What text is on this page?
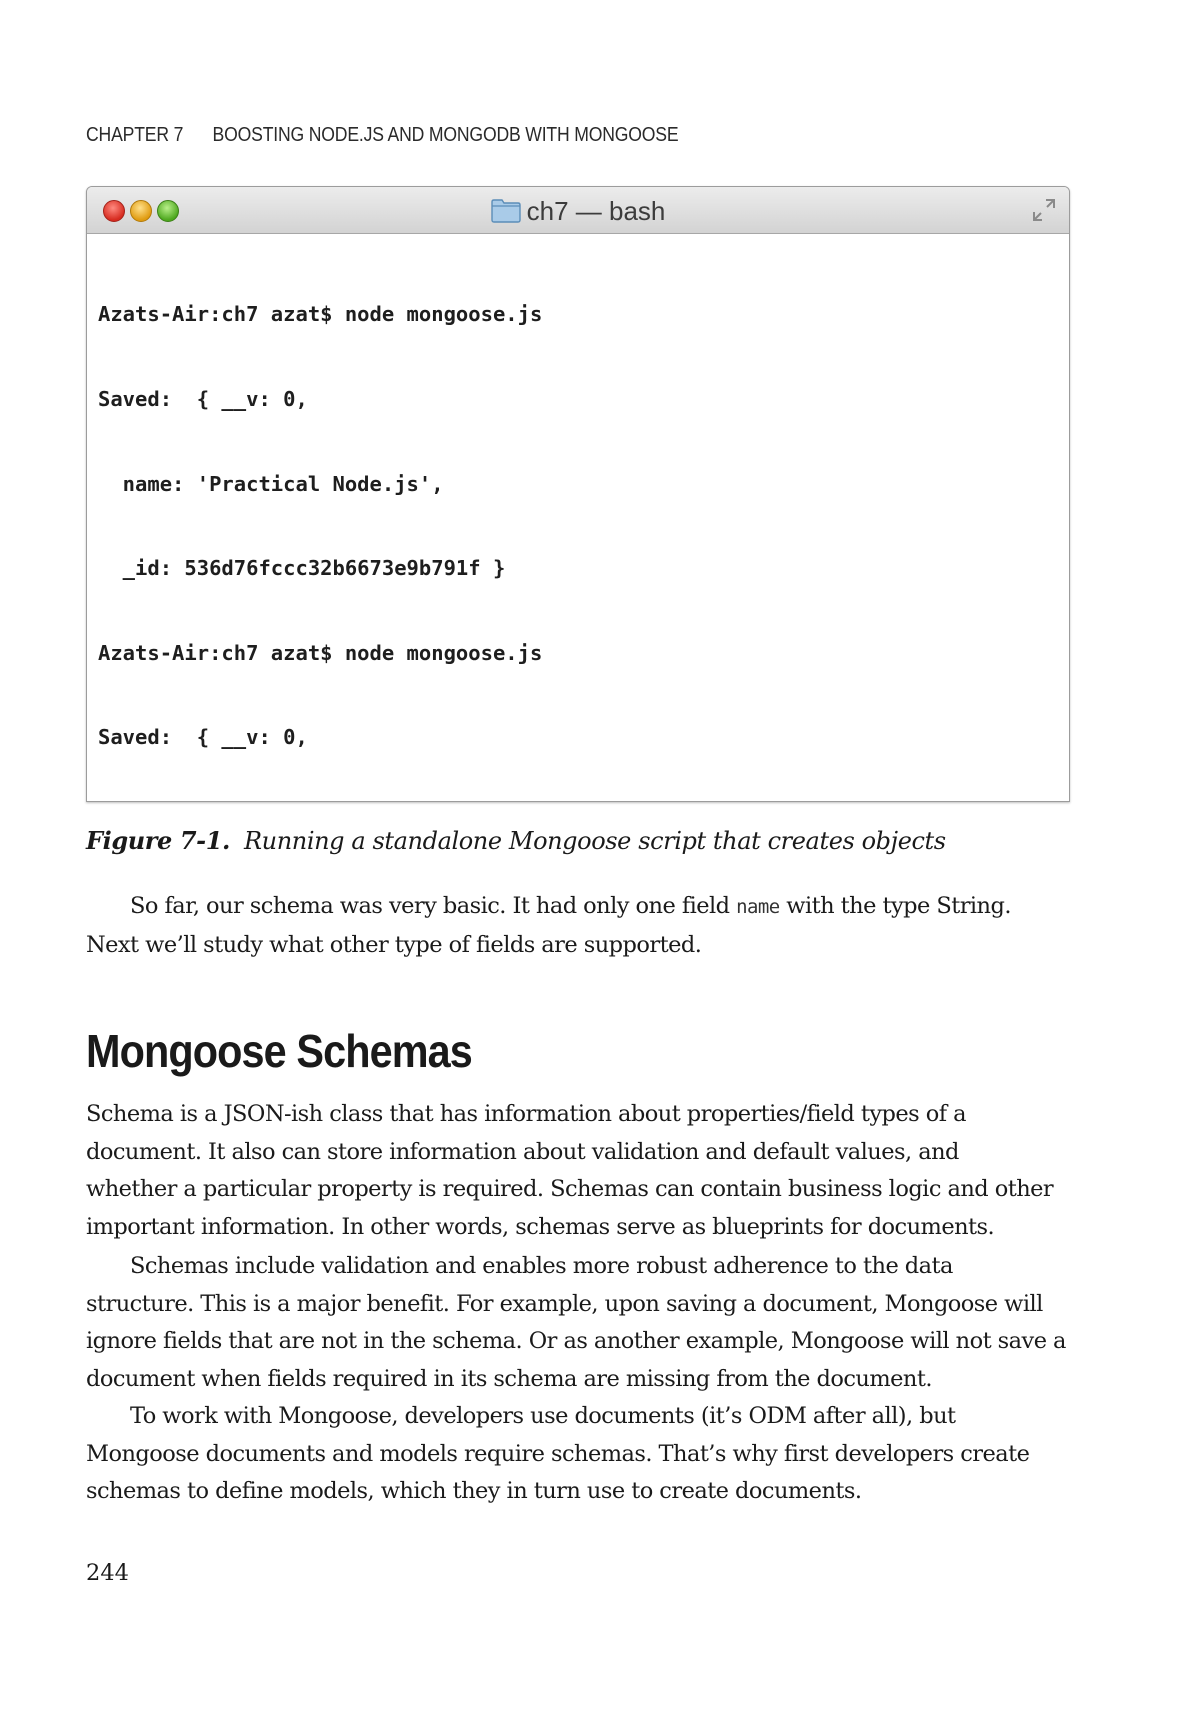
CHAPTER 7 BOOSTING NODE.JS AND MONGODB WITH MONGOOSE
ch7 — bash

Azats-Air:ch7 azat$ node mongoose.js

Saved:  { __v: 0,

name: 'Practical Node.js',

_id: 536d76fccc32b6673e9b791f }

Azats-Air:ch7 azat$ node mongoose.js

Saved:  { __v: 0,

Figure 7-1. Running a standalone Mongoose script that creates objects
So far, our schema was very basic. It had only one field name with the type String.
Next we’ll study what other type of fields are supported.
Mongoose Schemas
Schema is a JSON-ish class that has information about properties/field types of a
document. It also can store information about validation and default values, and
whether a particular property is required. Schemas can contain business logic and other
important information. In other words, schemas serve as blueprints for documents.
Schemas include validation and enables more robust adherence to the data
structure. This is a major benefit. For example, upon saving a document, Mongoose will
ignore fields that are not in the schema. Or as another example, Mongoose will not save a
document when fields required in its schema are missing from the document.
To work with Mongoose, developers use documents (it’s ODM after all), but
Mongoose documents and models require schemas. That’s why first developers create
schemas to define models, which they in turn use to create documents.
244
